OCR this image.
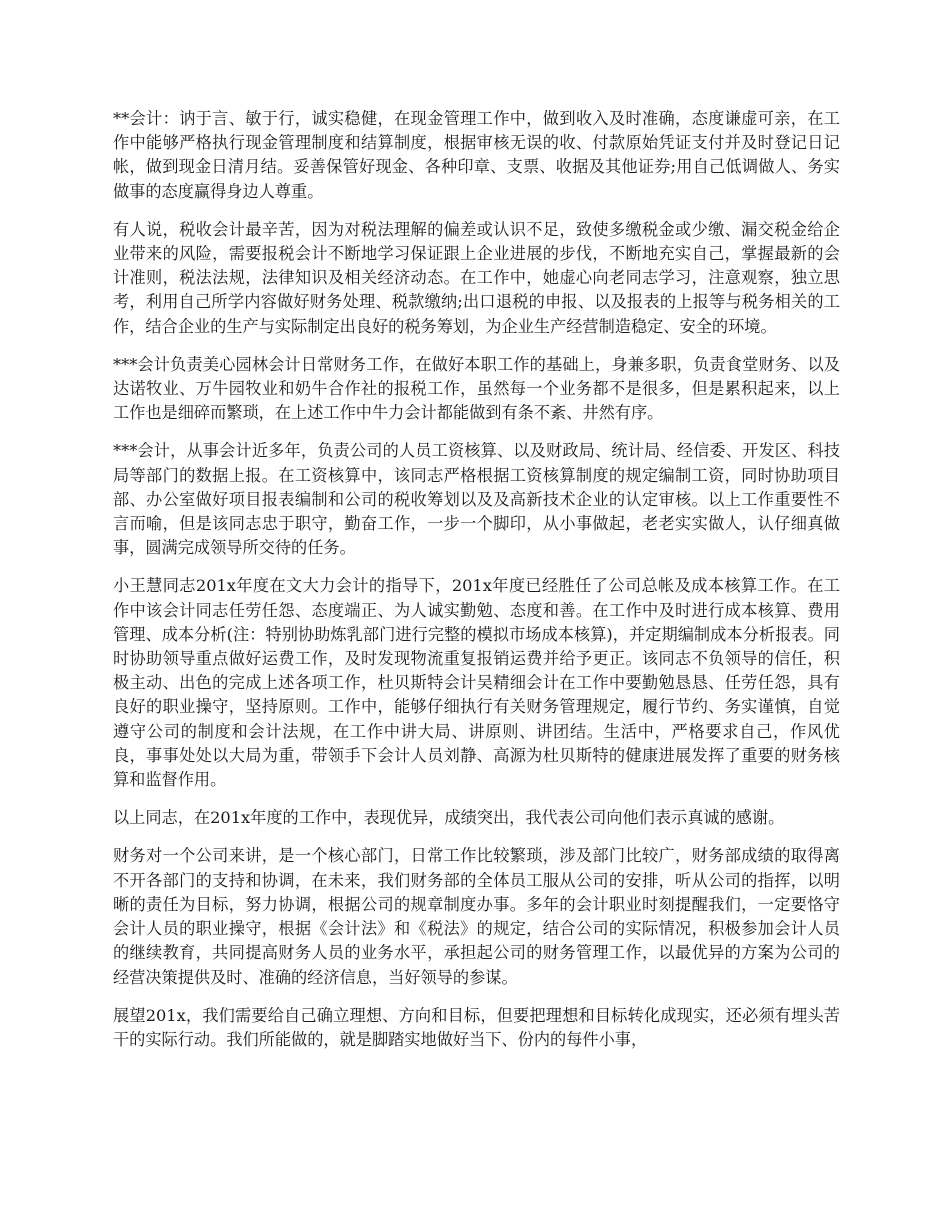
**会计：讷于言、敏于行，诚实稳健，在现金管理工作中，做到收入及时准确，态度谦虚可亲，在工作中能够严格执行现金管理制度和结算制度，根据审核无误的收、付款原始凭证支付并及时登记日记帐，做到现金日清月结。妥善保管好现金、各种印章、支票、收据及其他证券;用自己低调做人、务实做事的态度赢得身边人尊重。

有人说，税收会计最辛苦，因为对税法理解的偏差或认识不足，致使多缴税金或少缴、漏交税金给企业带来的风险，需要报税会计不断地学习保证跟上企业进展的步伐，不断地充实自己，掌握最新的会计准则，税法法规，法律知识及相关经济动态。在工作中，她虚心向老同志学习，注意观察，独立思考，利用自己所学内容做好财务处理、税款缴纳;出口退税的申报、以及报表的上报等与税务相关的工作，结合企业的生产与实际制定出良好的税务筹划，为企业生产经营制造稳定、安全的环境。

***会计负责美心园林会计日常财务工作，在做好本职工作的基础上，身兼多职，负责食堂财务、以及达诺牧业、万牛园牧业和奶牛合作社的报税工作，虽然每一个业务都不是很多，但是累积起来，以上工作也是细碎而繁琐，在上述工作中牛力会计都能做到有条不紊、井然有序。

***会计，从事会计近多年，负责公司的人员工资核算、以及财政局、统计局、经信委、开发区、科技局等部门的数据上报。在工资核算中，该同志严格根据工资核算制度的规定编制工资，同时协助项目部、办公室做好项目报表编制和公司的税收筹划以及及高新技术企业的认定审核。以上工作重要性不言而喻，但是该同志忠于职守，勤奋工作，一步一个脚印，从小事做起，老老实实做人，认仔细真做事，圆满完成领导所交待的任务。

小王慧同志201x年度在文大力会计的指导下，201x年度已经胜任了公司总帐及成本核算工作。在工作中该会计同志任劳任怨、态度端正、为人诚实勤勉、态度和善。在工作中及时进行成本核算、费用管理、成本分析(注：特别协助炼乳部门进行完整的模拟市场成本核算)，并定期编制成本分析报表。同时协助领导重点做好运费工作，及时发现物流重复报销运费并给予更正。该同志不负领导的信任，积极主动、出色的完成上述各项工作，杜贝斯特会计吴精细会计在工作中要勤勉恳恳、任劳任怨，具有良好的职业操守，坚持原则。工作中，能够仔细执行有关财务管理规定，履行节约、务实谨慎，自觉遵守公司的制度和会计法规，在工作中讲大局、讲原则、讲团结。生活中，严格要求自己，作风优良，事事处处以大局为重，带领手下会计人员刘静、高源为杜贝斯特的健康进展发挥了重要的财务核算和监督作用。

以上同志，在201x年度的工作中，表现优异，成绩突出，我代表公司向他们表示真诚的感谢。

财务对一个公司来讲，是一个核心部门，日常工作比较繁琐，涉及部门比较广，财务部成绩的取得离不开各部门的支持和协调，在未来，我们财务部的全体员工服从公司的安排，听从公司的指挥，以明晰的责任为目标，努力协调，根据公司的规章制度办事。多年的会计职业时刻提醒我们，一定要恪守会计人员的职业操守，根据《会计法》和《税法》的规定，结合公司的实际情况，积极参加会计人员的继续教育，共同提高财务人员的业务水平，承担起公司的财务管理工作，以最优异的方案为公司的经营决策提供及时、准确的经济信息，当好领导的参谋。

展望201x，我们需要给自己确立理想、方向和目标，但要把理想和目标转化成现实，还必须有埋头苦干的实际行动。我们所能做的，就是脚踏实地做好当下、份内的每件小事，
